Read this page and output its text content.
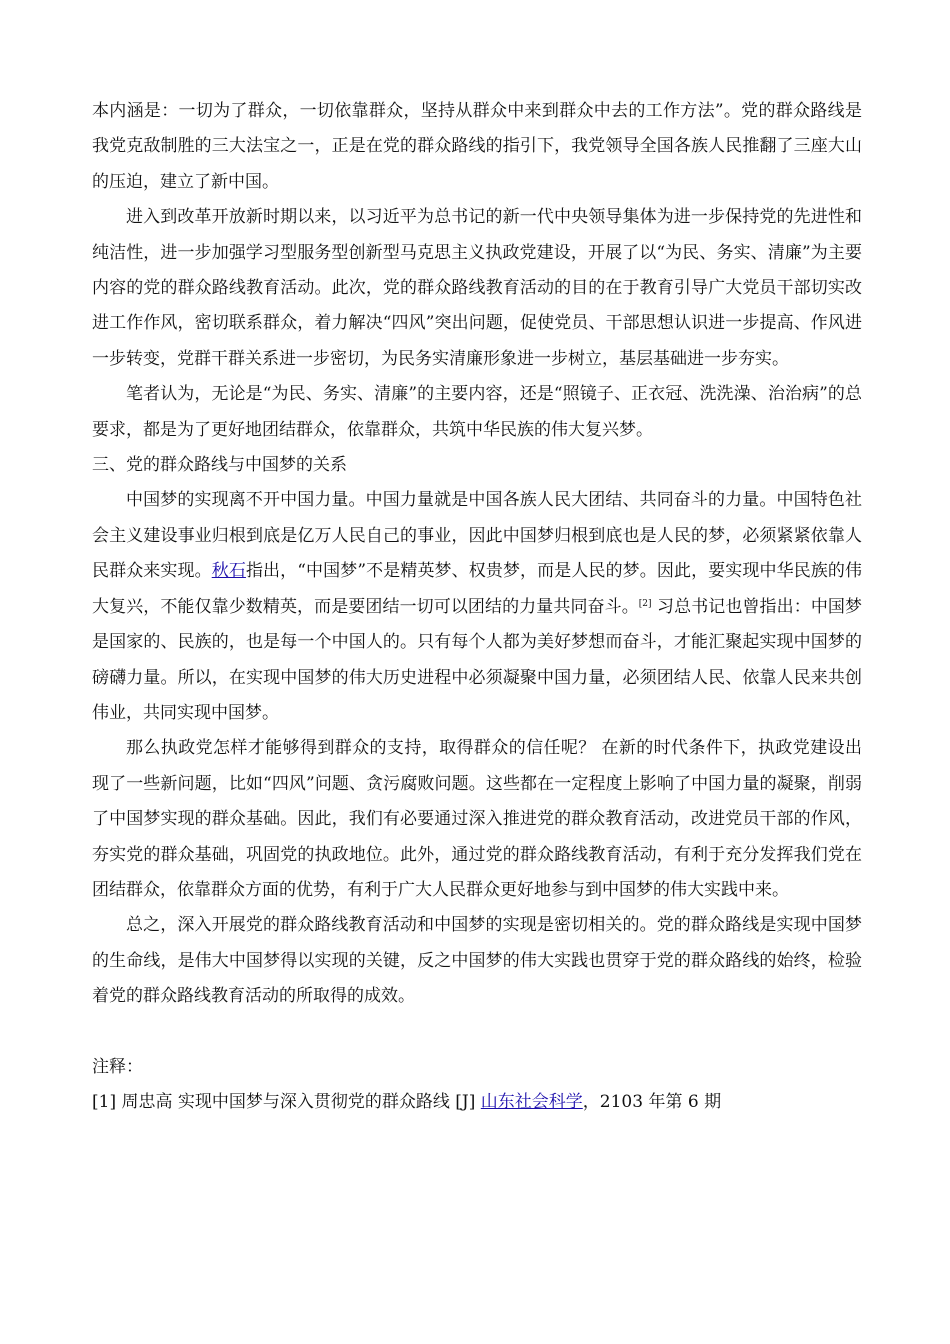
本内涵是：一切为了群众，一切依靠群众，坚持从群众中来到群众中去的工作方法”。党的群众路线是我党克敌制胜的三大法宝之一，正是在党的群众路线的指引下，我党领导全国各族人民推翻了三座大山的压迫，建立了新中国。

进入到改革开放新时期以来，以习近平为总书记的新一代中央领导集体为进一步保持党的先进性和纯洁性，进一步加强学习型服务型创新型马克思主义执政党建设，开展了以“为民、务实、清廉”为主要内容的党的群众路线教育活动。此次，党的群众路线教育活动的目的在于教育引导广大党员干部切实改进工作作风，密切联系群众，着力解决“四风”突出问题，促使党员、干部思想认识进一步提高、作风进一步转变，党群干群关系进一步密切，为民务实清廉形象进一步树立，基层基础进一步夯实。

笔者认为，无论是“为民、务实、清廉”的主要内容，还是“照镜子、正衣冠、洗洗澡、治治病”的总要求，都是为了更好地团结群众，依靠群众，共筑中华民族的伟大复兴梦。

三、党的群众路线与中国梦的关系

中国梦的实现离不开中国力量。中国力量就是中国各族人民大团结、共同奋斗的力量。中国特色社会主义建设事业归根到底是亿万人民自己的事业，因此中国梦归根到底也是人民的梦，必须紧紧依靠人民群众来实现。秋石指出，“中国梦”不是精英梦、权贵梦，而是人民的梦。因此，要实现中华民族的伟大复兴，不能仅靠少数精英，而是要团结一切可以团结的力量共同奋斗。[2] 习总书记也曾指出：中国梦是国家的、民族的，也是每一个中国人的。只有每个人都为美好梦想而奋斗，才能汇聚起实现中国梦的磅礴力量。所以，在实现中国梦的伟大历史进程中必须凝聚中国力量，必须团结人民、依靠人民来共创伟业，共同实现中国梦。

那么执政党怎样才能够得到群众的支持，取得群众的信任呢？ 在新的时代条件下，执政党建设出现了一些新问题，比如“四风”问题、贪污腐败问题。这些都在一定程度上影响了中国力量的凝聚，削弱了中国梦实现的群众基础。因此，我们有必要通过深入推进党的群众教育活动，改进党员干部的作风，夯实党的群众基础，巩固党的执政地位。此外，通过党的群众路线教育活动，有利于充分发挥我们党在团结群众，依靠群众方面的优势，有利于广大人民群众更好地参与到中国梦的伟大实践中来。

总之，深入开展党的群众路线教育活动和中国梦的实现是密切相关的。党的群众路线是实现中国梦的生命线，是伟大中国梦得以实现的关键，反之中国梦的伟大实践也贯穿于党的群众路线的始终，检验着党的群众路线教育活动的所取得的成效。

注释：

[1] 周忠高 实现中国梦与深入贯彻党的群众路线 [J] 山东社会科学，2103 年第 6 期
